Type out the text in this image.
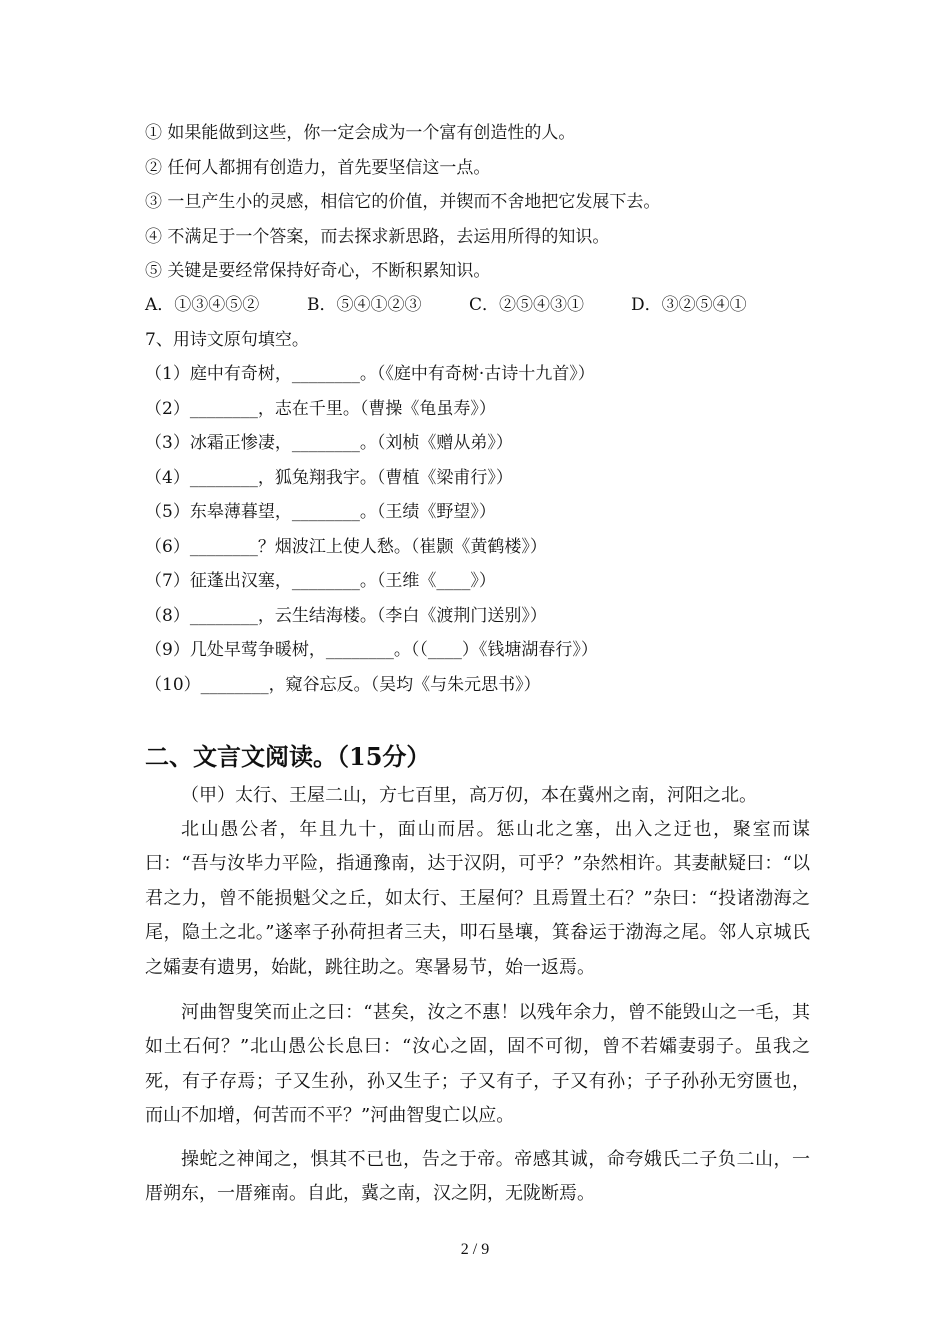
① 如果能做到这些，你一定会成为一个富有创造性的人。
② 任何人都拥有创造力，首先要坚信这一点。
③ 一旦产生小的灵感，相信它的价值，并锲而不舍地把它发展下去。
④ 不满足于一个答案，而去探求新思路，去运用所得的知识。
⑤ 关键是要经常保持好奇心，不断积累知识。
A．①③④⑤②	B．⑤④①②③	C．②⑤④③①	D．③②⑤④①
7、用诗文原句填空。
（1）庭中有奇树，________。（《庭中有奇树·古诗十九首》）
（2）________，志在千里。（曹操《龟虽寿》）
（3）冰霜正惨凄，________。（刘桢《赠从弟》）
（4）________，狐兔翔我宇。（曹植《梁甫行》）
（5）东皋薄暮望，________。（王绩《野望》）
（6）________？烟波江上使人愁。（崔颢《黄鹤楼》）
（7）征蓬出汉塞，________。（王维《____》）
（8）________，云生结海楼。（李白《渡荆门送别》）
（9）几处早莺争暖树，________。（（____）《钱塘湖春行》）
（10）________，窥谷忘反。（吴均《与朱元思书》）
二、文言文阅读。（15分）

（甲）太行、王屋二山，方七百里，高万仞，本在冀州之南，河阳之北。

北山愚公者，年且九十，面山而居。惩山北之塞，出入之迂也，聚室而谋曰：“吾与汝毕力平险，指通豫南，达于汉阴，可乎？”杂然相许。其妻献疑曰：“以君之力，曾不能损魁父之丘，如太行、王屋何？且焉置土石？”杂曰：“投诸渤海之尾，隐土之北。”遂率子孙荷担者三夫，叩石垦壤，箕畚运于渤海之尾。邻人京城氏之孀妻有遗男，始龀，跳往助之。寒暑易节，始一返焉。

河曲智叟笑而止之曰：“甚矣，汝之不惠！以残年余力，曾不能毁山之一毛，其如土石何？”北山愚公长息曰：“汝心之固，固不可彻，曾不若孀妻弱子。虽我之死，有子存焉；子又生孙，孙又生子；子又有子，子又有孙；子子孙孙无穷匮也，而山不加增，何苦而不平？”河曲智叟亡以应。

操蛇之神闻之，惧其不已也，告之于帝。帝感其诚，命夸娥氏二子负二山，一厝朔东，一厝雍南。自此，冀之南，汉之阴，无陇断焉。

2 / 9
